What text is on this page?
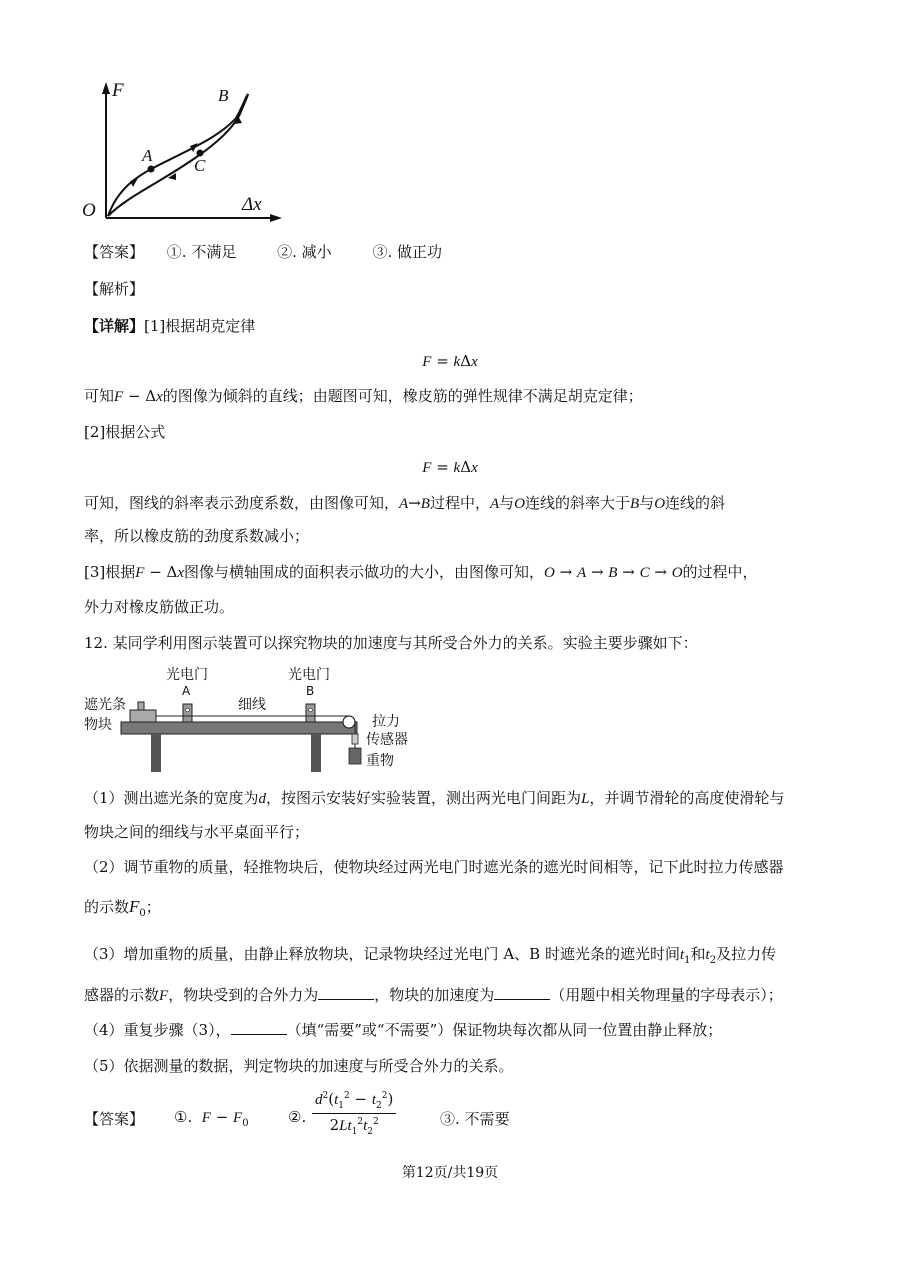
F
O	Δx
A
B
C
【答案】 ①. 不满足	②. 减小	③. 做正功
【解析】
【详解】[1]根据胡克定律
F = kΔx
可知F − Δx的图像为倾斜的直线；由题图可知，橡皮筋的弹性规律不满足胡克定律；
[2]根据公式
F = kΔx
可知，图线的斜率表示劲度系数，由图像可知，A→B过程中，A与O连线的斜率大于B与O连线的斜
率，所以橡皮筋的劲度系数减小；
[3]根据F − Δx图像与横轴围成的面积表示做功的大小，由图像可知，O → A → B → C → O的过程中，
外力对橡皮筋做正功。
12. 某同学利用图示装置可以探究物块的加速度与其所受合外力的关系。实验主要步骤如下：
光电门	光电门
A	B
细线
遮光条
物块	拉力
传感器
重物
（1）测出遮光条的宽度为d，按图示安装好实验装置，测出两光电门间距为L，并调节滑轮的高度使滑轮与
物块之间的细线与水平桌面平行；
（2）调节重物的质量，轻推物块后，使物块经过两光电门时遮光条的遮光时间相等，记下此时拉力传感器
的示数$F_0$；
（3）增加重物的质量，由静止释放物块，记录物块经过光电门 A、B 时遮光条的遮光时间$t_1$和$t_2$及拉力传
感器的示数F，物块受到的合外力为	，物块的加速度为	（用题中相关物理量的字母表示）；
（4）重复步骤（3），	（填“需要”或“不需要”）保证物块每次都从同一位置由静止释放；
（5）依据测量的数据，判定物块的加速度与所受合外力的关系。
【答案】 ①. $F - F_0$	②. $\frac{d^2(t_1^2 - t_2^2)}{2Lt_1^2t_2^2}$	③. 不需要
第12页/共19页
